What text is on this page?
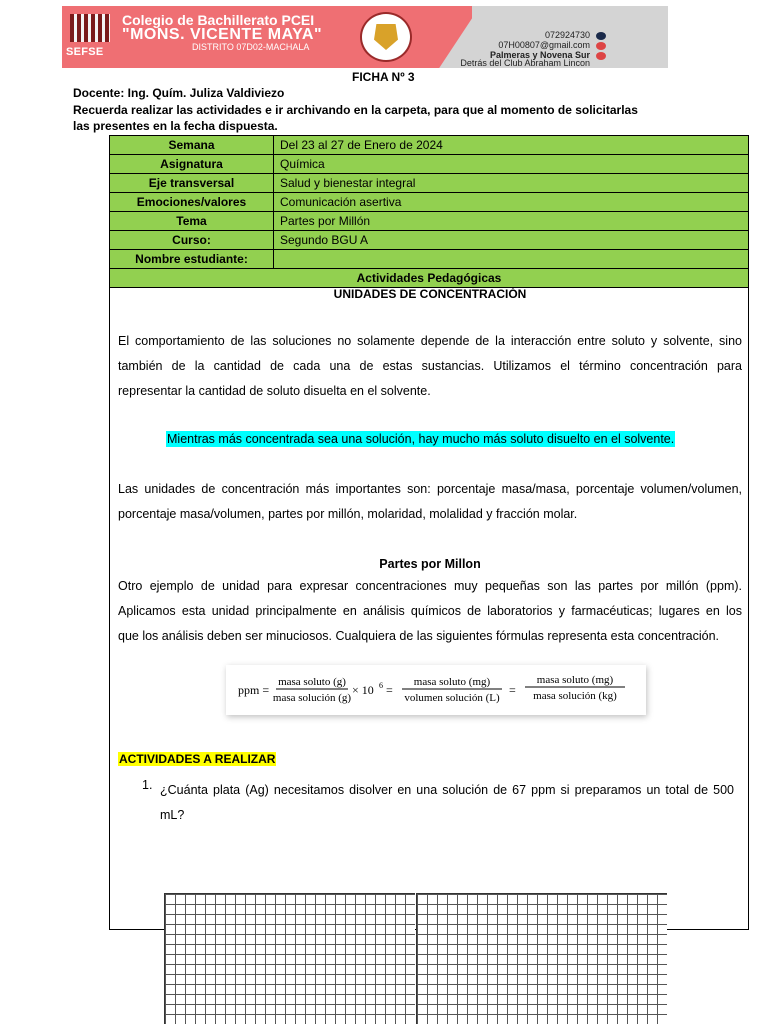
SEFSE
Colegio de Bachillerato PCEI
"MONS. VICENTE MAYA"
DISTRITO 07D02-MACHALA
072924730
07H00807@gmail.com
Palmeras y Novena Sur
Detrás del Club Abraham Lincon
FICHA Nº 3
Docente: Ing. Quím. Juliza Valdiviezo
Recuerda realizar las actividades e ir archivando en la carpeta, para que al momento de solicitarlas
las presentes en la fecha dispuesta.
Semana	Del 23 al 27 de Enero de 2024
Asignatura	Química
Eje transversal	Salud y bienestar integral
Emociones/valores	Comunicación asertiva
Tema	Partes por Millón
Curso:	Segundo BGU A
Nombre estudiante:	
Actividades Pedagógicas	
UNIDADES DE CONCENTRACIÓN
El comportamiento de las soluciones no solamente depende de la interacción entre soluto y solvente, sino
también de la cantidad de cada una de estas sustancias. Utilizamos el término concentración para
representar la cantidad de soluto disuelta en el solvente.
Mientras más concentrada sea una solución, hay mucho más soluto disuelto en el solvente.
Las unidades de concentración más importantes son: porcentaje masa/masa, porcentaje volumen/volumen,
porcentaje masa/volumen, partes por millón, molaridad, molalidad y fracción molar.
Partes por Millon
Otro ejemplo de unidad para expresar concentraciones muy pequeñas son las partes por millón (ppm).
Aplicamos esta unidad principalmente en análisis químicos de laboratorios y farmacéuticas; lugares en los
que los análisis deben ser minuciosos. Cualquiera de las siguientes fórmulas representa esta concentración.
ppm =
masa soluto (g)
masa solución (g)
× 10 6 =
masa soluto (mg)
volumen solución (L)
=
masa soluto (mg)
masa solución (kg)
ACTIVIDADES A REALIZAR
1. ¿Cuánta plata (Ag) necesitamos disolver en una solución de 67 ppm si preparamos un total de 500
mL?
